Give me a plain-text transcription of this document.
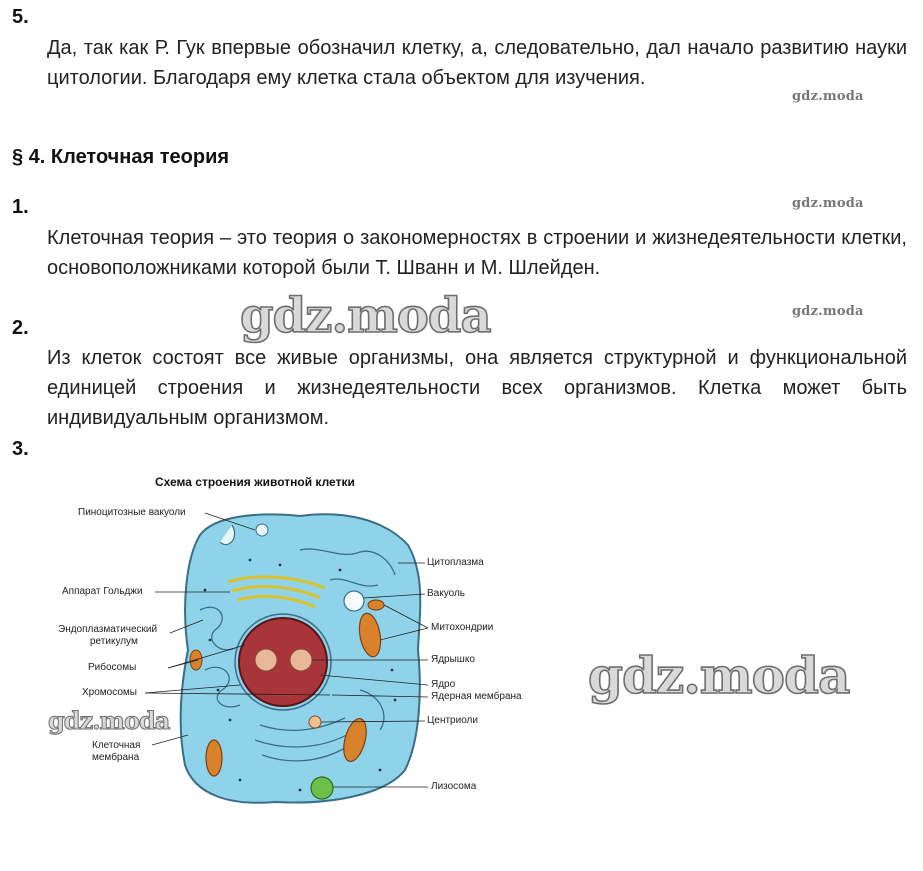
5.
Да, так как Р. Гук впервые обозначил клетку, а, следовательно, дал начало развитию науки цитологии. Благодаря ему клетка стала объектом для изучения.
gdz.moda
§ 4. Клеточная теория
1.	gdz.moda
Клеточная теория – это теория о закономерностях в строении и жизнедеятельности клетки, основоположниками которой были Т. Шванн и М. Шлейден.
gdz.moda	gdz.moda
2.
Из клеток состоят все живые организмы, она является структурной и функциональной единицей строения и жизнедеятельности всех организмов. Клетка может быть индивидуальным организмом.
3.
Схема строения животной клетки
Пиноцитозные вакуоли
Аппарат Гольджи
Эндоплазматический
ретикулум
Рибосомы
Хромосомы
Клеточная
мембрана
Цитоплазма
Вакуоль
Митохондрии
Ядрышко
Ядро
Ядерная мембрана
Центриоли
Лизосома
gdz.moda
gdz.moda
